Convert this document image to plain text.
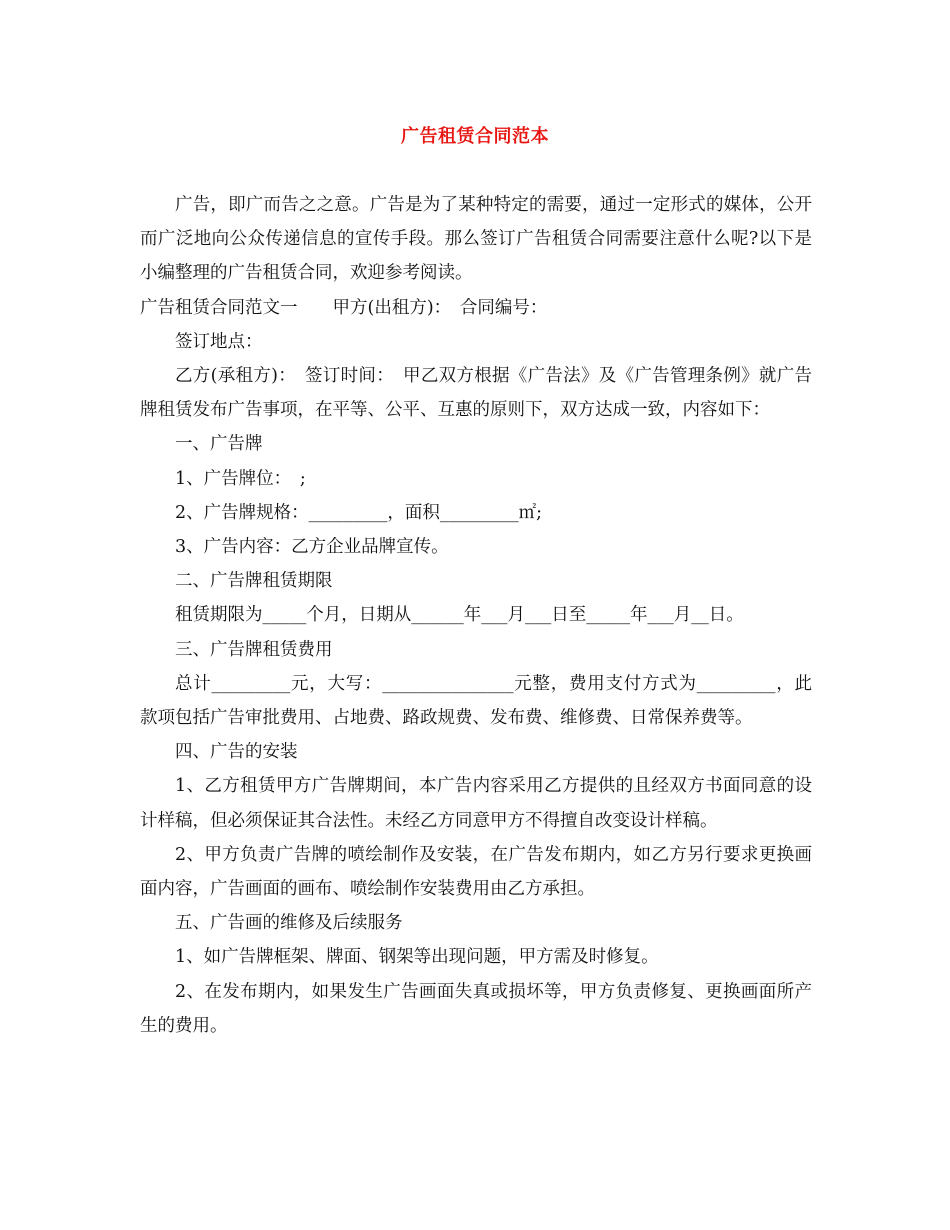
广告租赁合同范本

广告，即广而告之之意。广告是为了某种特定的需要，通过一定形式的媒体，公开而广泛地向公众传递信息的宣传手段。那么签订广告租赁合同需要注意什么呢?以下是小编整理的广告租赁合同，欢迎参考阅读。

广告租赁合同范文一　　甲方(出租方)：　合同编号：

签订地点：

乙方(承租方)：　签订时间：　甲乙双方根据《广告法》及《广告管理条例》就广告牌租赁发布广告事项，在平等、公平、互惠的原则下，双方达成一致，内容如下：

一、广告牌

1、广告牌位：　;

2、广告牌规格：_________，面积_________㎡;

3、广告内容：乙方企业品牌宣传。

二、广告牌租赁期限

租赁期限为_____个月，日期从______年___月___日至_____年___月__日。

三、广告牌租赁费用

总计_________元，大写：_______________元整，费用支付方式为_________，此款项包括广告审批费用、占地费、路政规费、发布费、维修费、日常保养费等。

四、广告的安装

1、乙方租赁甲方广告牌期间，本广告内容采用乙方提供的且经双方书面同意的设计样稿，但必须保证其合法性。未经乙方同意甲方不得擅自改变设计样稿。

2、甲方负责广告牌的喷绘制作及安装，在广告发布期内，如乙方另行要求更换画面内容，广告画面的画布、喷绘制作安装费用由乙方承担。

五、广告画的维修及后续服务

1、如广告牌框架、牌面、钢架等出现问题，甲方需及时修复。

2、在发布期内，如果发生广告画面失真或损坏等，甲方负责修复、更换画面所产生的费用。
